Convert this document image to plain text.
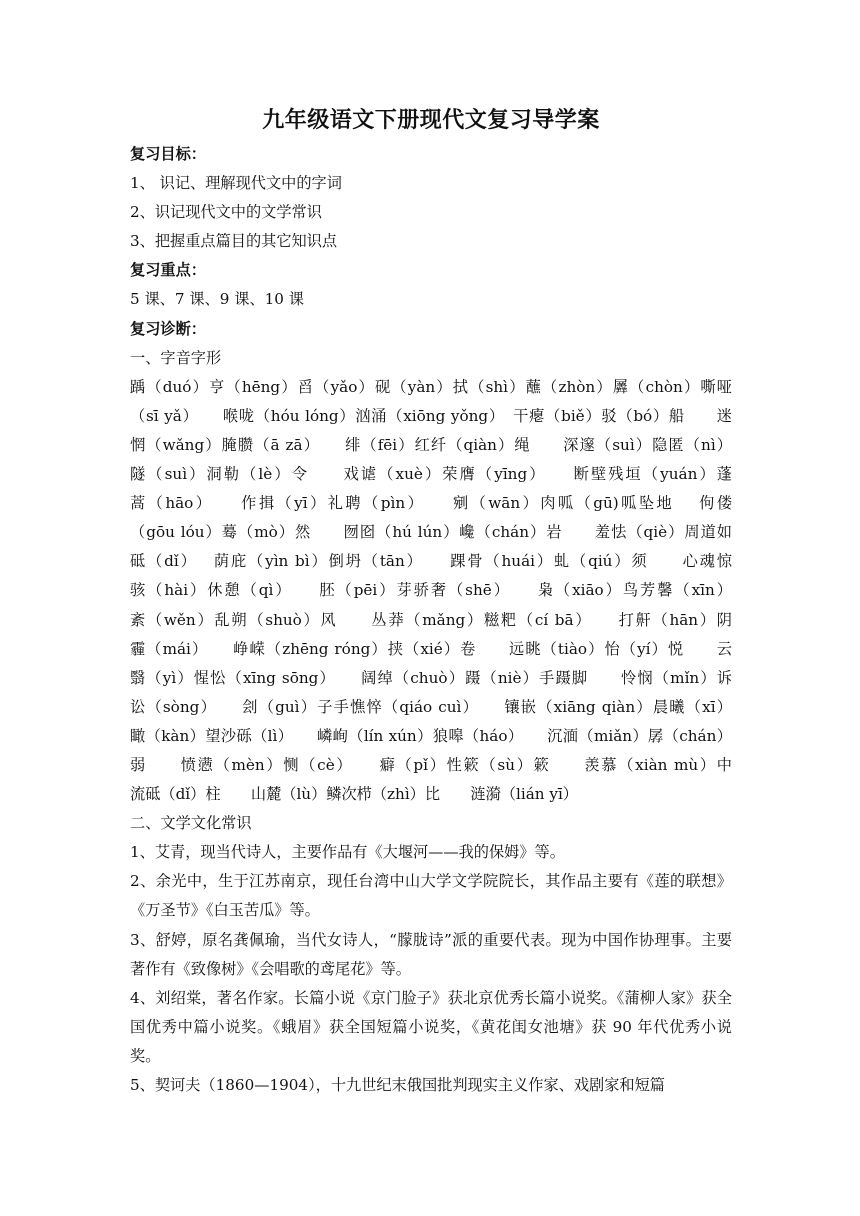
九年级语文下册现代文复习导学案

复习目标：

1、 识记、理解现代文中的字词

2、识记现代文中的文学常识

3、把握重点篇目的其它知识点

复习重点：

5 课、7 课、9 课、10 课

复习诊断：

一、字音字形

踽（duó）亨（hēng）舀（yǎo）砚（yàn）拭（shì）蘸（zhòn）羼（chòn）嘶哑

（sī yǎ）　　喉咙（hóu lóng）汹涌（xiōng yǒng）　干瘪（biě）驳（bó）船　　迷

惘（wǎng）腌臜（ā zā）　　绯（fēi）红纤（qiàn）绳　　深邃（suì）隐匿（nì）

隧（suì）洞勒（lè）令　　戏谑（xuè）荣膺（yīng）　　断壁残垣（yuán）蓬

蒿（hāo）　　作揖（yī）礼聘（pìn）　　剜（wān）肉呱（gū)呱坠地　 佝偻

（gōu lóu）蓦（mò）然　　囫囵（hú lún）巉（chán）岩　　羞怯（qiè）周道如

砥（dǐ）　 荫庇（yìn bì）倒坍（tān）　　踝骨（huái）虬（qiú）须　　心魂惊

骇（hài）休憩（qì）　　胚（pēi）芽骄奢（shē）　　枭（xiāo）鸟芳馨（xīn）

紊（wěn）乱朔（shuò）风　　丛莽（mǎng）糍粑（cí bā）　　打鼾（hān）阴

霾（mái）　　峥嵘（zhēng róng）挟（xié）卷　　远眺（tiào）怡（yí）悦　　云

翳（yì）惺忪（xīng sōng）　　阔绰（chuò）蹑（niè）手蹑脚　　怜悯（mǐn）诉

讼（sòng）　　刽（guì）子手憔悴（qiáo cuì）　　镶嵌（xiāng qiàn）晨曦（xī）

瞰（kàn）望沙砾（lì）　　嶙峋（lín xún）狼嗥（háo）　　沉湎（miǎn）孱（chán）

弱　　愤懑（mèn）恻（cè）　　癖（pǐ）性簌（sù）簌　　羡慕（xiàn mù）中

流砥（dǐ）柱　　山麓（lù）鳞次栉（zhì）比　　涟漪（lián yī）

二、文学文化常识

1、艾青，现当代诗人，主要作品有《大堰河——我的保姆》等。

2、余光中，生于江苏南京，现任台湾中山大学文学院院长，其作品主要有《莲的联想》《万圣节》《白玉苦瓜》等。

3、舒婷，原名龚佩瑜，当代女诗人，“朦胧诗”派的重要代表。现为中国作协理事。主要著作有《致像树》《会唱歌的鸢尾花》等。

4、刘绍棠，著名作家。长篇小说《京门脸子》获北京优秀长篇小说奖。《蒲柳人家》获全国优秀中篇小说奖。《蛾眉》获全国短篇小说奖，《黄花闺女池塘》获 90 年代优秀小说奖。

5、契诃夫（1860—1904），十九世纪末俄国批判现实主义作家、戏剧家和短篇
